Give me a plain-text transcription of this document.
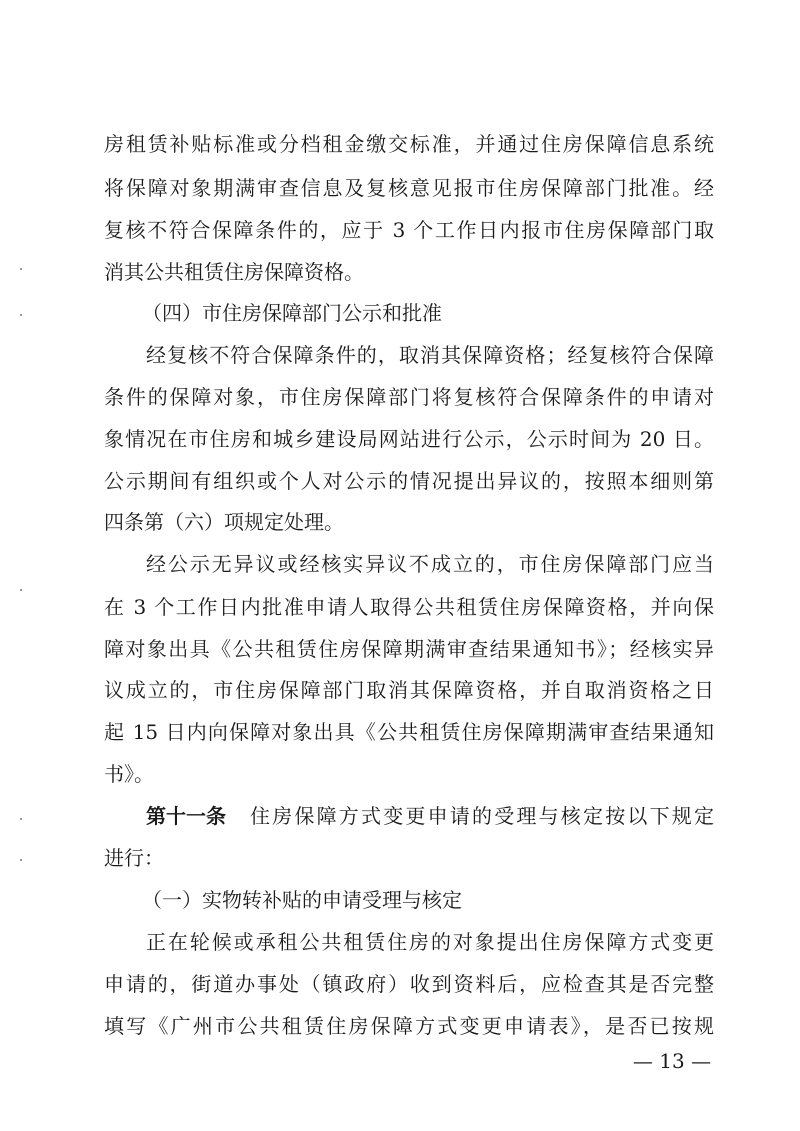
房租赁补贴标准或分档租金缴交标准，并通过住房保障信息系统
将保障对象期满审查信息及复核意见报市住房保障部门批准。经
复核不符合保障条件的，应于 3 个工作日内报市住房保障部门取
消其公共租赁住房保障资格。
（四）市住房保障部门公示和批准
经复核不符合保障条件的，取消其保障资格；经复核符合保障
条件的保障对象，市住房保障部门将复核符合保障条件的申请对
象情况在市住房和城乡建设局网站进行公示，公示时间为 20 日。
公示期间有组织或个人对公示的情况提出异议的，按照本细则第
四条第（六）项规定处理。
经公示无异议或经核实异议不成立的，市住房保障部门应当
在 3 个工作日内批准申请人取得公共租赁住房保障资格，并向保
障对象出具《公共租赁住房保障期满审查结果通知书》；经核实异
议成立的，市住房保障部门取消其保障资格，并自取消资格之日
起 15 日内向保障对象出具《公共租赁住房保障期满审查结果通知
书》。
第十一条 住房保障方式变更申请的受理与核定按以下规定
进行：
（一）实物转补贴的申请受理与核定
正在轮候或承租公共租赁住房的对象提出住房保障方式变更
申请的，街道办事处（镇政府）收到资料后，应检查其是否完整
填写《广州市公共租赁住房保障方式变更申请表》，是否已按规
— 13 —
